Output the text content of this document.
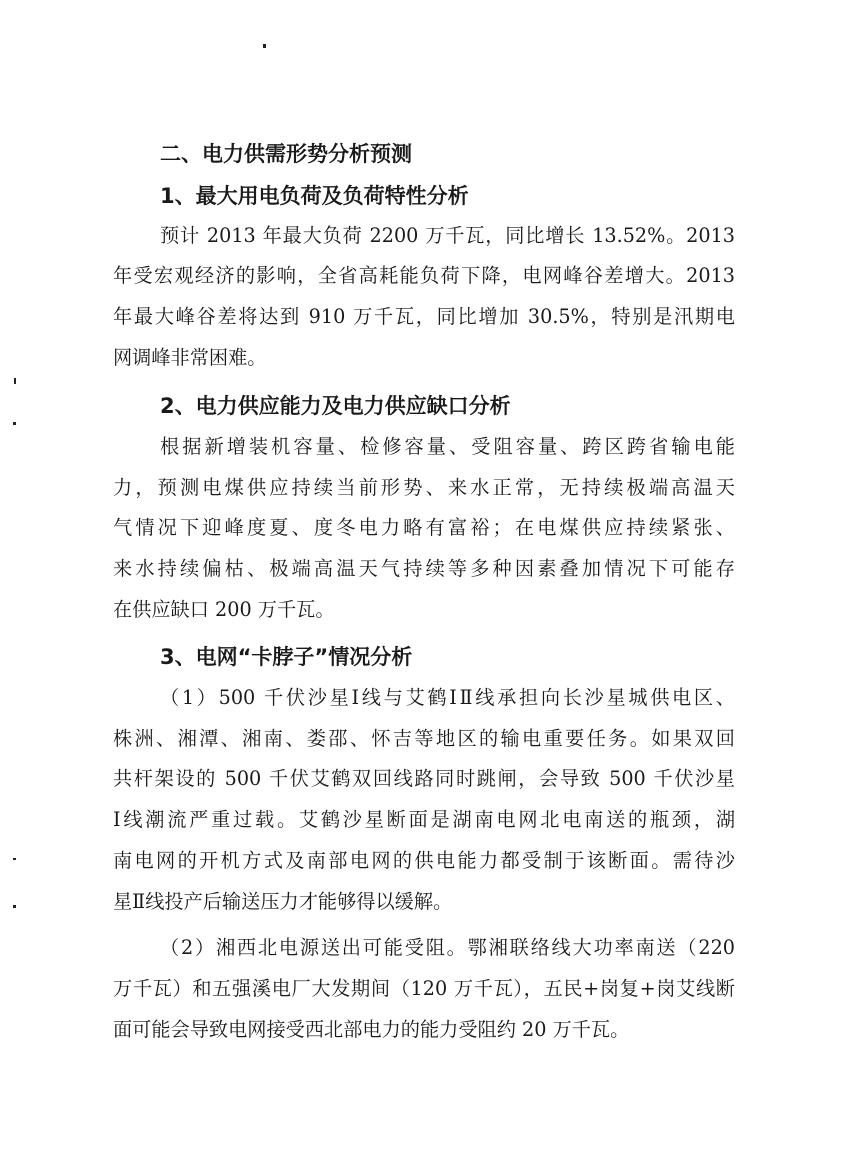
二、电力供需形势分析预测
1、最大用电负荷及负荷特性分析
预计 2013 年最大负荷 2200 万千瓦，同比增长 13.52%。2013
年受宏观经济的影响，全省高耗能负荷下降，电网峰谷差增大。2013
年最大峰谷差将达到 910 万千瓦，同比增加 30.5%，特别是汛期电
网调峰非常困难。
2、电力供应能力及电力供应缺口分析
根据新增装机容量、检修容量、受阻容量、跨区跨省输电能
力，预测电煤供应持续当前形势、来水正常，无持续极端高温天
气情况下迎峰度夏、度冬电力略有富裕；在电煤供应持续紧张、
来水持续偏枯、极端高温天气持续等多种因素叠加情况下可能存
在供应缺口 200 万千瓦。
3、电网“卡脖子”情况分析
（1）500 千伏沙星Ⅰ线与艾鹤ⅠⅡ线承担向长沙星城供电区、
株洲、湘潭、湘南、娄邵、怀吉等地区的输电重要任务。如果双回
共杆架设的 500 千伏艾鹤双回线路同时跳闸，会导致 500 千伏沙星
Ⅰ线潮流严重过载。艾鹤沙星断面是湖南电网北电南送的瓶颈，湖
南电网的开机方式及南部电网的供电能力都受制于该断面。需待沙
星Ⅱ线投产后输送压力才能够得以缓解。
（2）湘西北电源送出可能受阻。鄂湘联络线大功率南送（220
万千瓦）和五强溪电厂大发期间（120 万千瓦），五民+岗复+岗艾线断
面可能会导致电网接受西北部电力的能力受阻约 20 万千瓦。
